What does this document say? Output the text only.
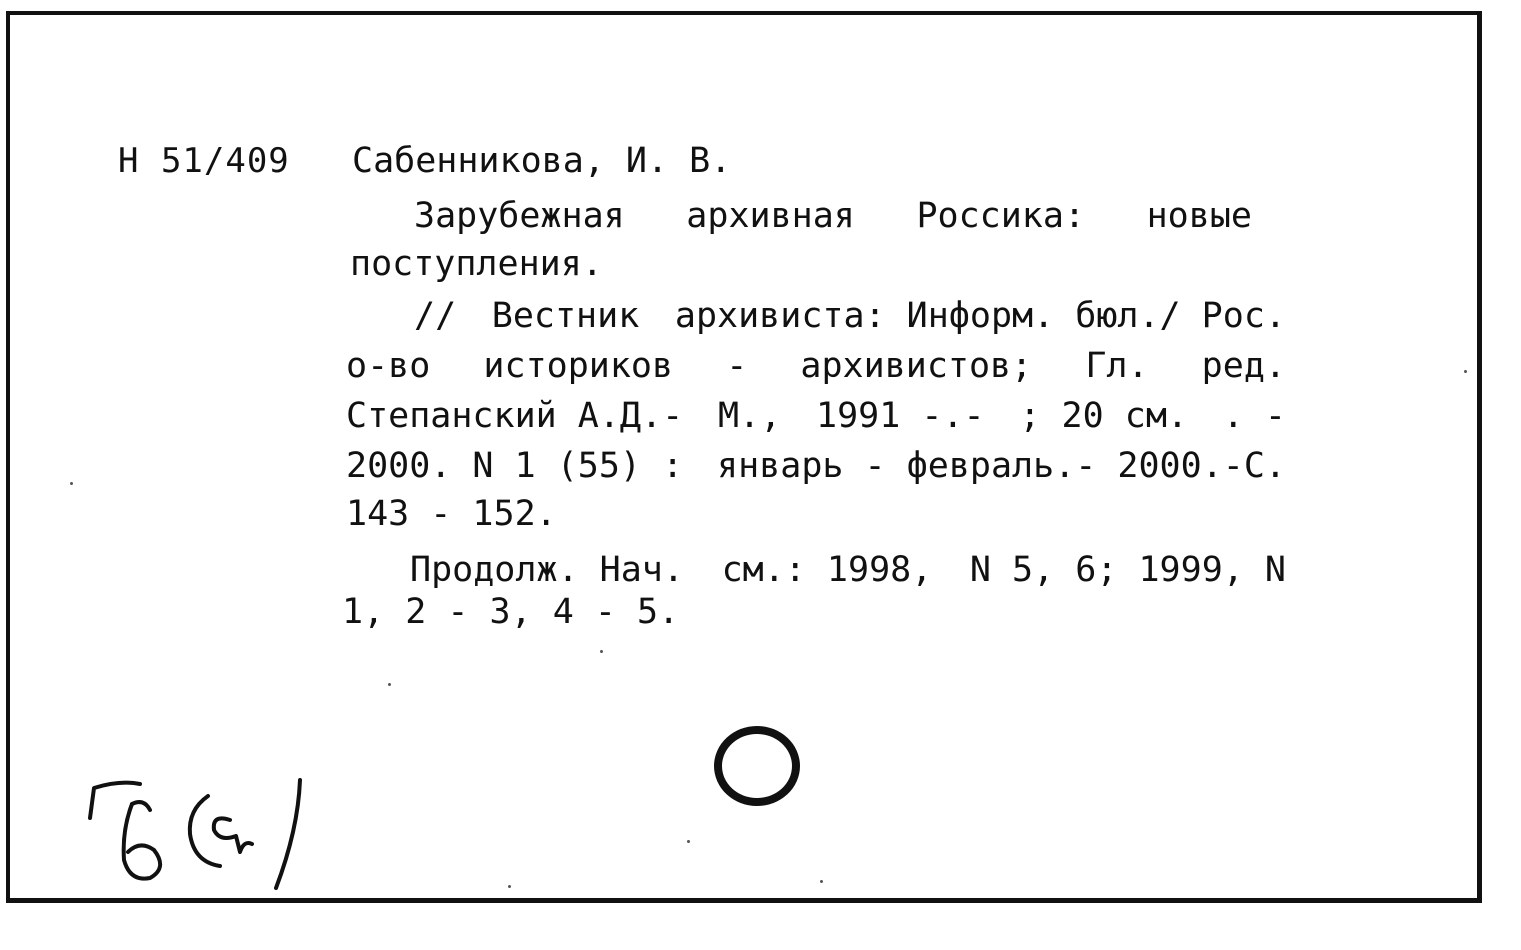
Н 51/409 Сабенникова, И. В.
Зарубежная архивная Россика: новые
поступления.
// Вестник архивиста: Информ. бюл./ Рос.
о-во историков - архивистов; Гл. ред.
Степанский А.Д.- М., 1991 -.- ; 20 см. . -
2000. N 1 (55) : январь - февраль.- 2000.-С.
143 - 152.
Продолж. Нач. см.: 1998, N 5, 6; 1999, N
1, 2 - 3, 4 - 5.
